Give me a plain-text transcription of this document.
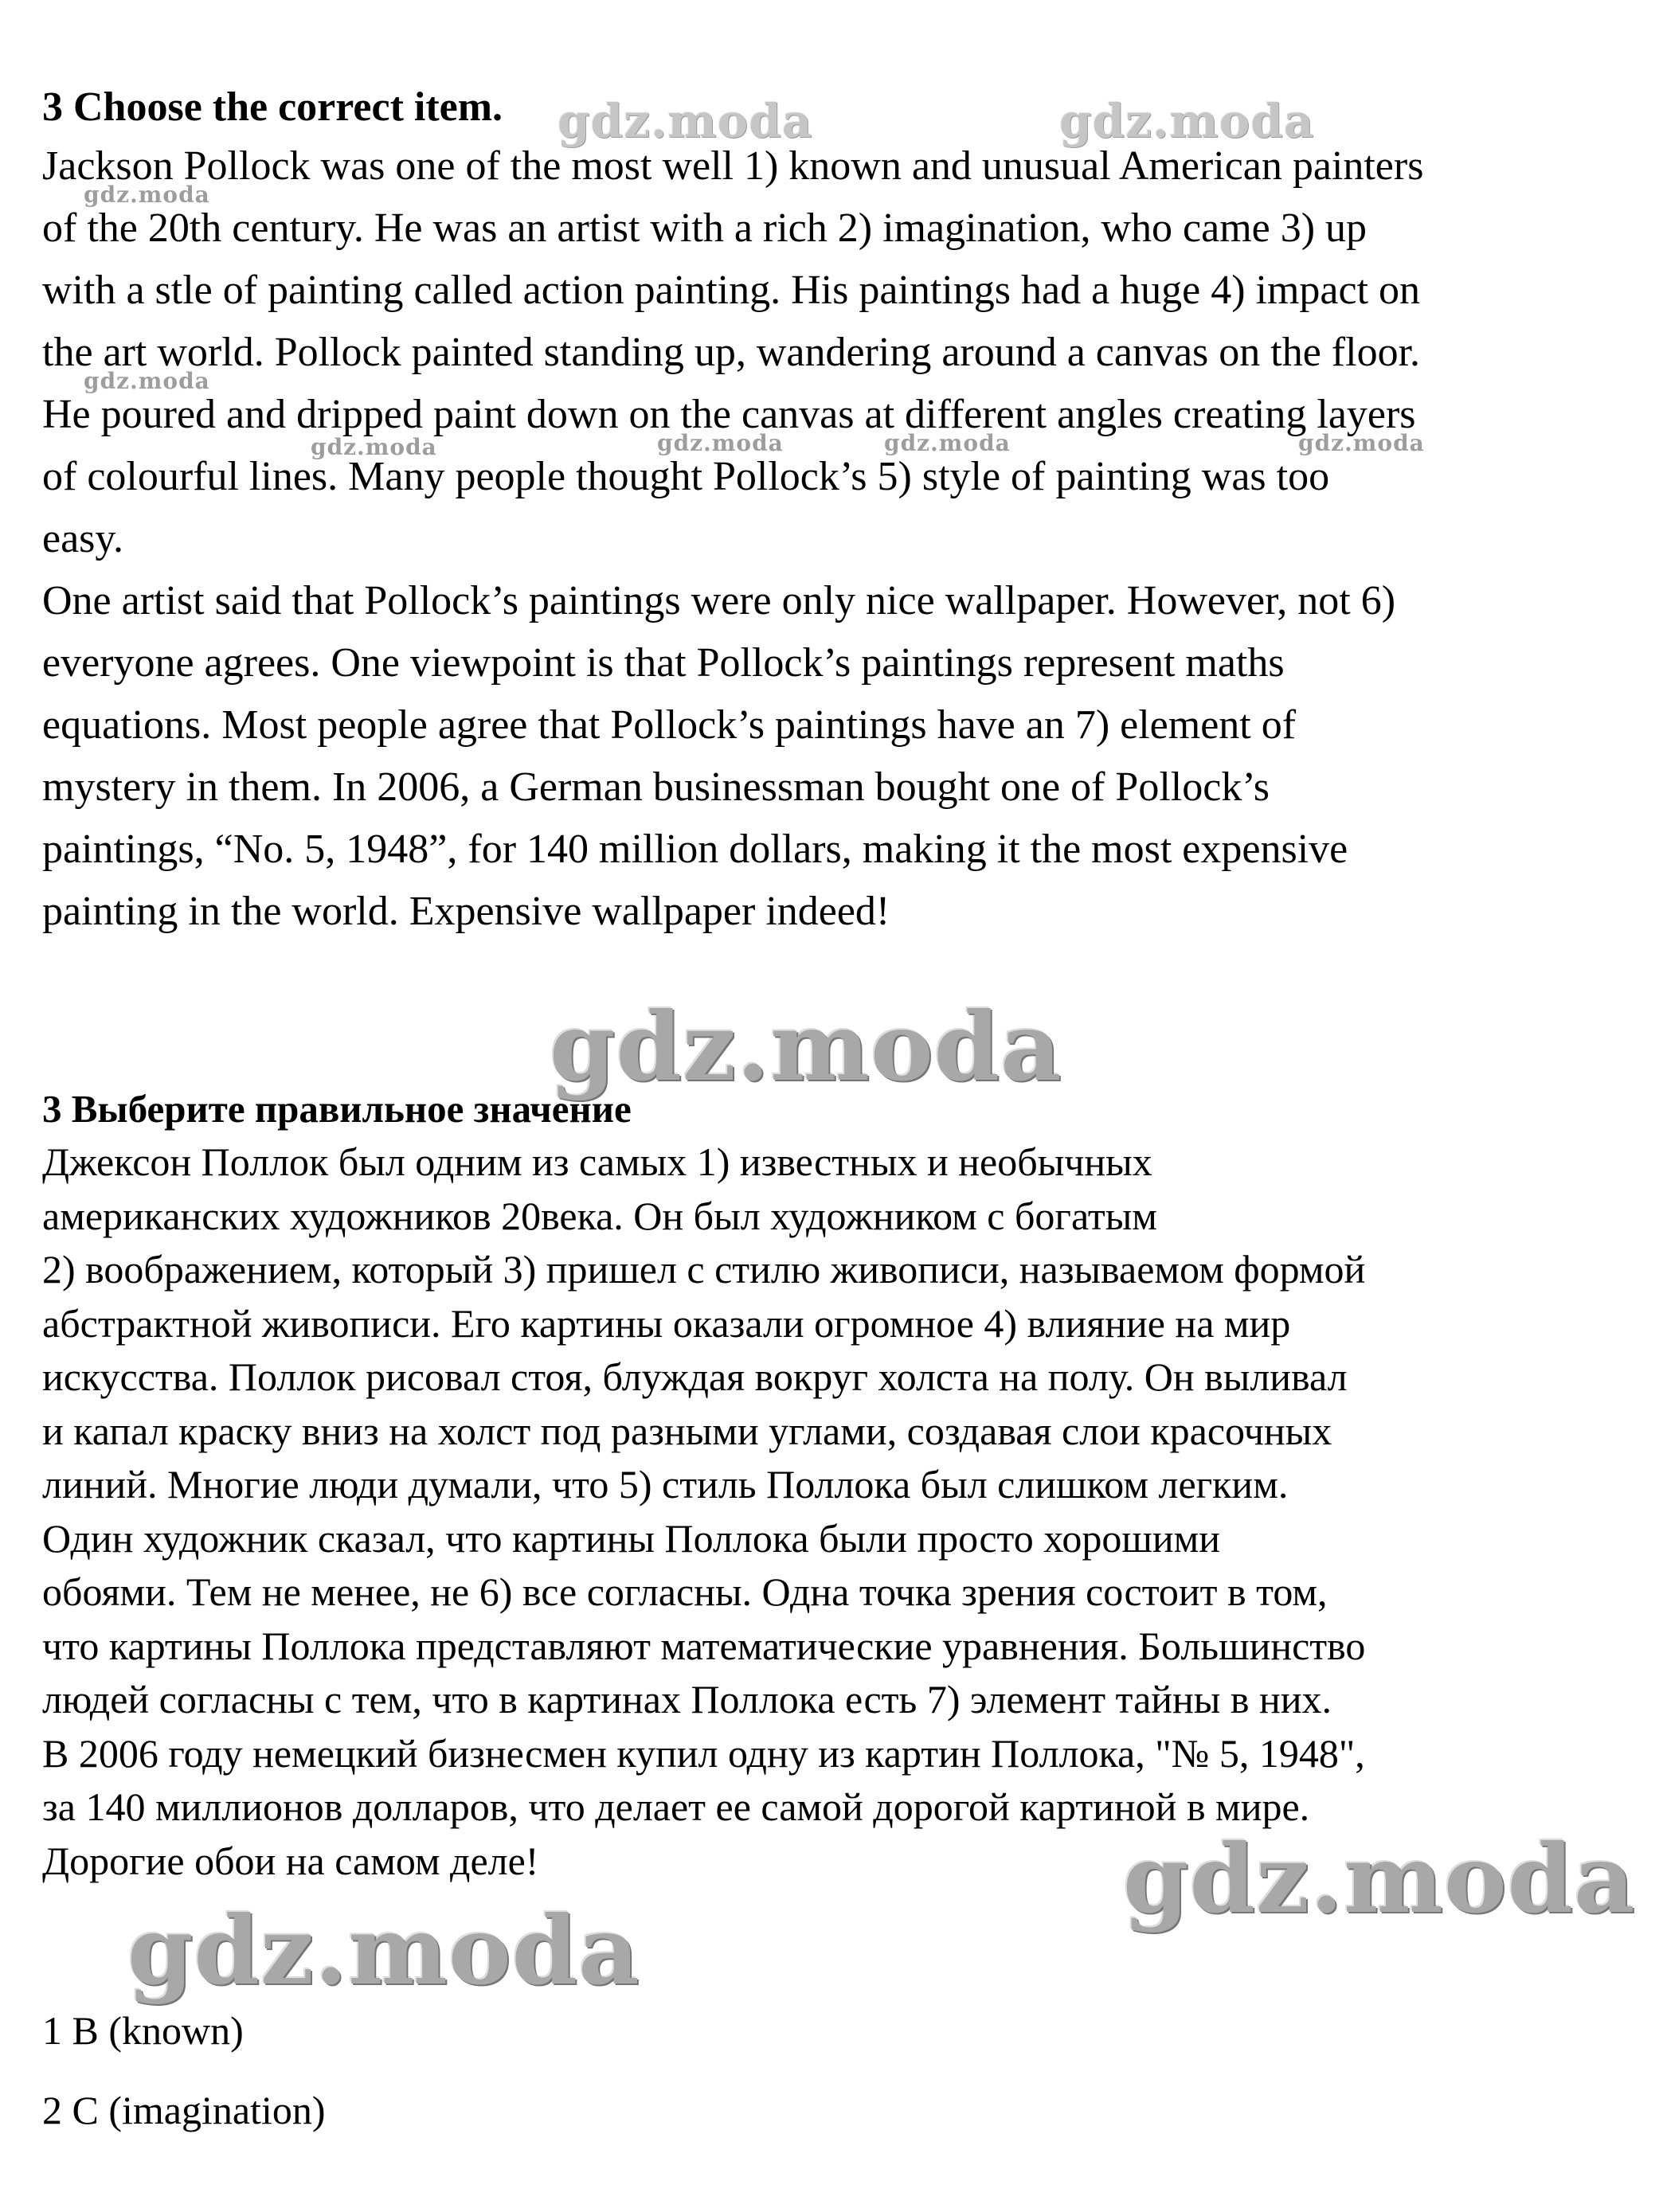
3 Choose the correct item.

Jackson Pollock was one of the most well 1) known and unusual American painters

of the 20th century. He was an artist with a rich 2) imagination, who came 3) up

with a stle of painting called action painting. His paintings had a huge 4) impact on

the art world. Pollock painted standing up, wandering around a canvas on the floor.

He poured and dripped paint down on the canvas at different angles creating layers

of colourful lines. Many people thought Pollock’s 5) style of painting was too

easy.

One artist said that Pollock’s paintings were only nice wallpaper. However, not 6)

everyone agrees. One viewpoint is that Pollock’s paintings represent maths

equations. Most people agree that Pollock’s paintings have an 7) element of

mystery in them. In 2006, a German businessman bought one of Pollock’s

paintings, “No. 5, 1948”, for 140 million dollars, making it the most expensive

painting in the world. Expensive wallpaper indeed!

3 Выберите правильное значение

Джексон Поллок был одним из самых 1) известных и необычных

американских художников 20века. Он был художником с богатым

2) воображением, который 3) пришел с стилю живописи, называемом формой

абстрактной живописи. Его картины оказали огромное 4) влияние на мир

искусства. Поллок рисовал стоя, блуждая вокруг холста на полу. Он выливал

и капал краску вниз на холст под разными углами, создавая слои красочных

линий. Многие люди думали, что 5) стиль Поллока был слишком легким.

Один художник сказал, что картины Поллока были просто хорошими

обоями. Тем не менее, не 6) все согласны. Одна точка зрения состоит в том,

что картины Поллока представляют математические уравнения. Большинство

людей согласны с тем, что в картинах Поллока есть 7) элемент тайны в них.

В 2006 году немецкий бизнесмен купил одну из картин Поллока, "№ 5, 1948",

за 140 миллионов долларов, что делает ее самой дорогой картиной в мире.

Дорогие обои на самом деле!

1 B (known)

2 C (imagination)

gdz.moda	gdz.moda
gdz.moda
gdz.moda
gdz.moda	gdz.moda	gdz.moda	gdz.moda
gdz.moda
gdz.moda
gdz.moda
